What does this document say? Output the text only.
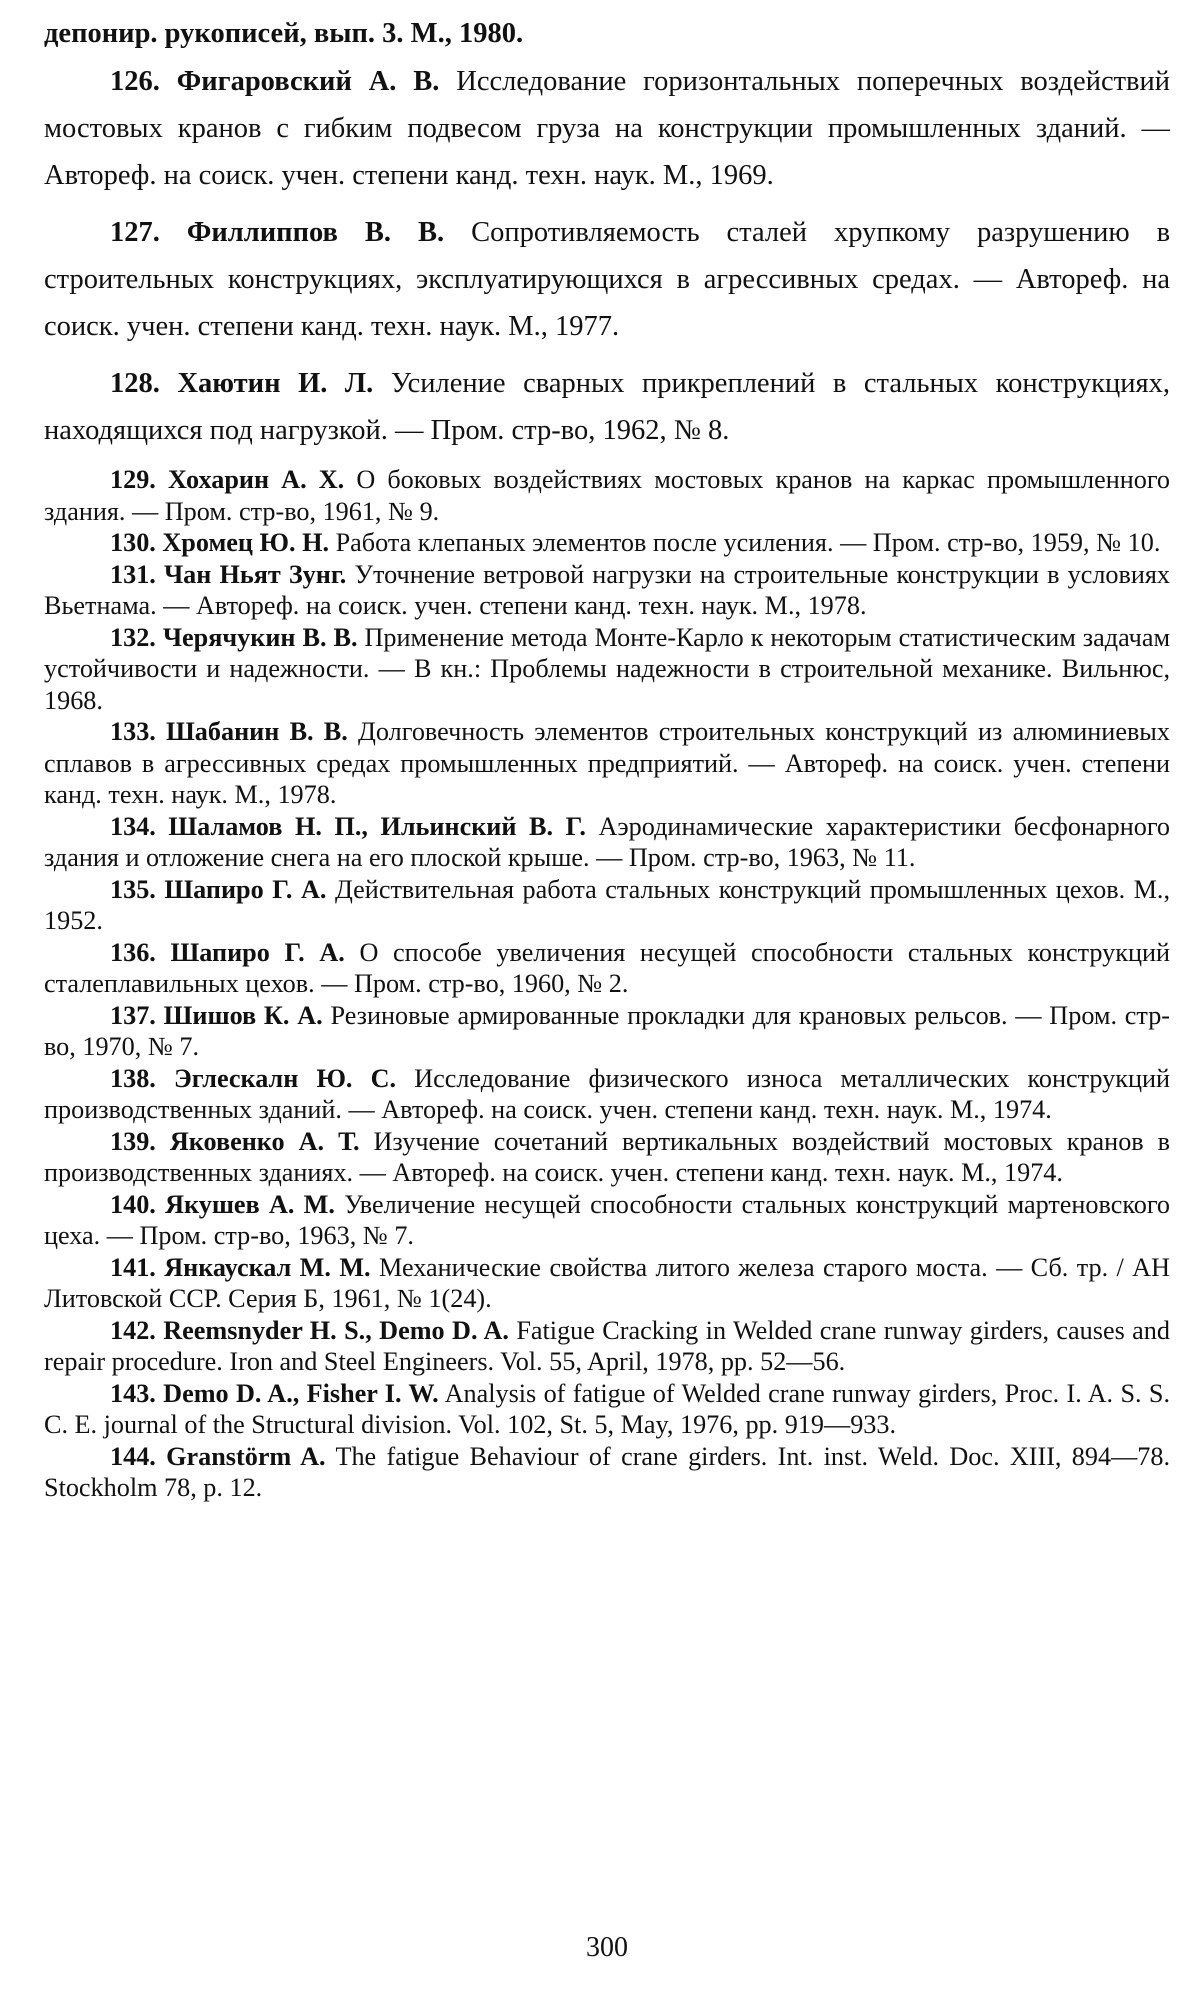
депонир. рукописей, вып. 3. М., 1980.

126. Фигаровский А. В. Исследование горизонтальных поперечных воздействий мостовых кранов с гибким подвесом груза на конструкции промышленных зданий. — Автореф. на соиск. учен. степени канд. техн. наук. М., 1969.

127. Филлиппов В. В. Сопротивляемость сталей хрупкому разрушению в строительных конструкциях, эксплуатирующихся в агрессивных средах. — Автореф. на соиск. учен. степени канд. техн. наук. М., 1977.

128. Хаютин И. Л. Усиление сварных прикреплений в стальных конструкциях, находящихся под нагрузкой. — Пром. стр-во, 1962, № 8.

129. Хохарин А. Х. О боковых воздействиях мостовых кранов на каркас промышленного здания. — Пром. стр-во, 1961, № 9.

130. Хромец Ю. Н. Работа клепаных элементов после усиления. — Пром. стр-во, 1959, № 10.

131. Чан Ньят Зунг. Уточнение ветровой нагрузки на строительные конструкции в условиях Вьетнама. — Автореф. на соиск. учен. степени канд. техн. наук. М., 1978.

132. Черячукин В. В. Применение метода Монте-Карло к некоторым статистическим задачам устойчивости и надежности. — В кн.: Проблемы надежности в строительной механике. Вильнюс, 1968.

133. Шабанин В. В. Долговечность элементов строительных конструкций из алюминиевых сплавов в агрессивных средах промышленных предприятий. — Автореф. на соиск. учен. степени канд. техн. наук. М., 1978.

134. Шаламов Н. П., Ильинский В. Г. Аэродинамические характеристики бесфонарного здания и отложение снега на его плоской крыше. — Пром. стр-во, 1963, № 11.

135. Шапиро Г. А. Действительная работа стальных конструкций промышленных цехов. М., 1952.

136. Шапиро Г. А. О способе увеличения несущей способности стальных конструкций сталеплавильных цехов. — Пром. стр-во, 1960, № 2.

137. Шишов К. А. Резиновые армированные прокладки для крановых рельсов. — Пром. стр-во, 1970, № 7.

138. Эглескалн Ю. С. Исследование физического износа металлических конструкций производственных зданий. — Автореф. на соиск. учен. степени канд. техн. наук. М., 1974.

139. Яковенко А. Т. Изучение сочетаний вертикальных воздействий мостовых кранов в производственных зданиях. — Автореф. на соиск. учен. степени канд. техн. наук. М., 1974.

140. Якушев А. М. Увеличение несущей способности стальных конструкций мартеновского цеха. — Пром. стр-во, 1963, № 7.

141. Янкаускал М. М. Механические свойства литого железа старого моста. — Сб. тр. / АН Литовской ССР. Серия Б, 1961, № 1(24).

142. Reemsnyder H. S., Demo D. A. Fatigue Cracking in Welded crane runway girders, causes and repair procedure. Iron and Steel Engineers. Vol. 55, April, 1978, pp. 52—56.

143. Demo D. A., Fisher I. W. Analysis of fatigue of Welded crane runway girders, Proc. I. A. S. S. C. E. journal of the Structural division. Vol. 102, St. 5, May, 1976, pp. 919—933.

144. Granstörm A. The fatigue Behaviour of crane girders. Int. inst. Weld. Doc. XIII, 894—78. Stockholm 78, p. 12.

300
